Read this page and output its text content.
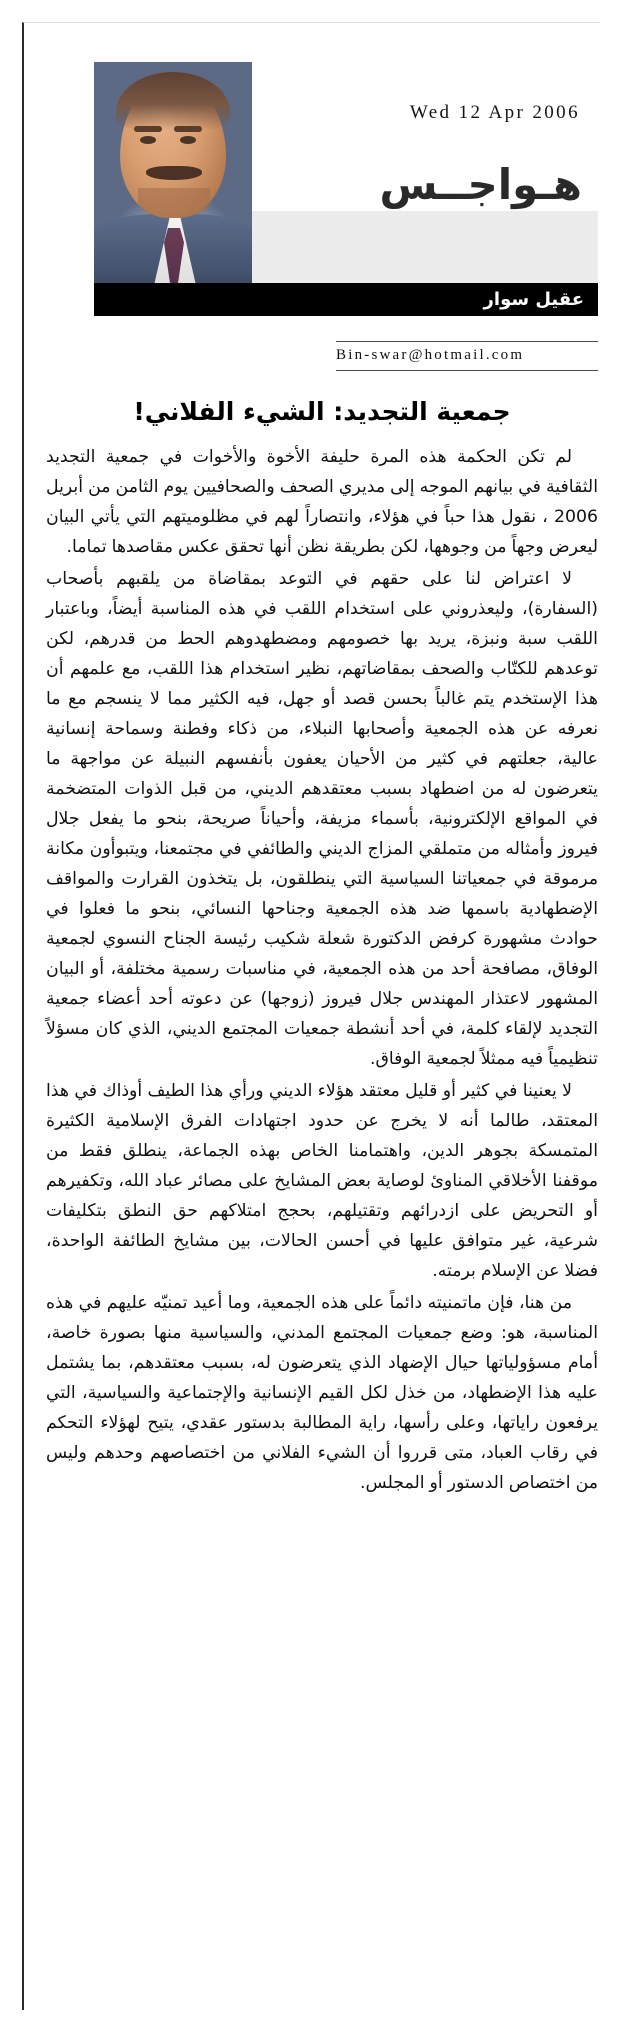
Wed 12 Apr 2006
هـواجــس
عقيل سوار
Bin-swar@hotmail.com
جمعية التجديد: الشيء الفلاني!

لم تكن الحكمة هذه المرة حليفة الأخوة والأخوات في جمعية التجديد الثقافية في بيانهم الموجه إلى مديري الصحف والصحافيين يوم الثامن من أبريل 2006 ، نقول هذا حباً في هؤلاء، وانتصاراً لهم في مظلوميتهم التي يأتي البيان ليعرض وجهاً من وجوهها، لكن بطريقة نظن أنها تحقق عكس مقاصدها تماما.

لا اعتراض لنا على حقهم في التوعد بمقاضاة من يلقبهم بأصحاب (السفارة)، وليعذروني على استخدام اللقب في هذه المناسبة أيضاً، وباعتبار اللقب سبة ونبزة، يريد بها خصومهم ومضطهدوهم الحط من قدرهم، لكن توعدهم للكتّاب والصحف بمقاضاتهم، نظير استخدام هذا اللقب، مع علمهم أن هذا الإستخدم يتم غالباً بحسن قصد أو جهل، فيه الكثير مما لا ينسجم مع ما نعرفه عن هذه الجمعية وأصحابها النبلاء، من ذكاء وفطنة وسماحة إنسانية عالية، جعلتهم في كثير من الأحيان يعفون بأنفسهم النبيلة عن مواجهة ما يتعرضون له من اضطهاد بسبب معتقدهم الديني، من قبل الذوات المتضخمة في المواقع الإلكترونية، بأسماء مزيفة، وأحياناً صريحة، بنحو ما يفعل جلال فيروز وأمثاله من متملقي المزاج الديني والطائفي في مجتمعنا، ويتبوأون مكانة مرموقة في جمعياتنا السياسية التي ينطلقون، بل يتخذون القرارت والمواقف الإضطهادية باسمها ضد هذه الجمعية وجناحها النسائي، بنحو ما فعلوا في حوادث مشهورة كرفض الدكتورة شعلة شكيب رئيسة الجناح النسوي لجمعية الوفاق، مصافحة أحد من هذه الجمعية، في مناسبات رسمية مختلفة، أو البيان المشهور لاعتذار المهندس جلال فيروز (زوجها) عن دعوته أحد أعضاء جمعية التجديد لإلقاء كلمة، في أحد أنشطة جمعيات المجتمع الديني، الذي كان مسؤلاً تنظيمياً فيه ممثلاً لجمعية الوفاق.

لا يعنينا في كثير أو قليل معتقد هؤلاء الديني ورأي هذا الطيف أوذاك في هذا المعتقد، طالما أنه لا يخرج عن حدود اجتهادات الفرق الإسلامية الكثيرة المتمسكة بجوهر الدين، واهتمامنا الخاص بهذه الجماعة، ينطلق فقط من موقفنا الأخلاقي المناوئ لوصاية بعض المشايخ على مصائر عباد الله، وتكفيرهم أو التحريض على ازدرائهم وتقتيلهم، بحجج امتلاكهم حق النطق بتكليفات شرعية، غير متوافق عليها في أحسن الحالات، بين مشايخ الطائفة الواحدة، فضلا عن الإسلام برمته.

من هنا، فإن ماتمنيته دائماً على هذه الجمعية، وما أعيد تمنيّه عليهم في هذه المناسبة، هو: وضع جمعيات المجتمع المدني، والسياسية منها بصورة خاصة، أمام مسؤولياتها حيال الإضهاد الذي يتعرضون له، بسبب معتقدهم، بما يشتمل عليه هذا الإضطهاد، من خذل لكل القيم الإنسانية والإجتماعية والسياسية، التي يرفعون راياتها، وعلى رأسها، راية المطالبة بدستور عقدي، يتيح لهؤلاء التحكم في رقاب العباد، متى قرروا أن الشيء الفلاني من اختصاصهم وحدهم وليس من اختصاص الدستور أو المجلس.
